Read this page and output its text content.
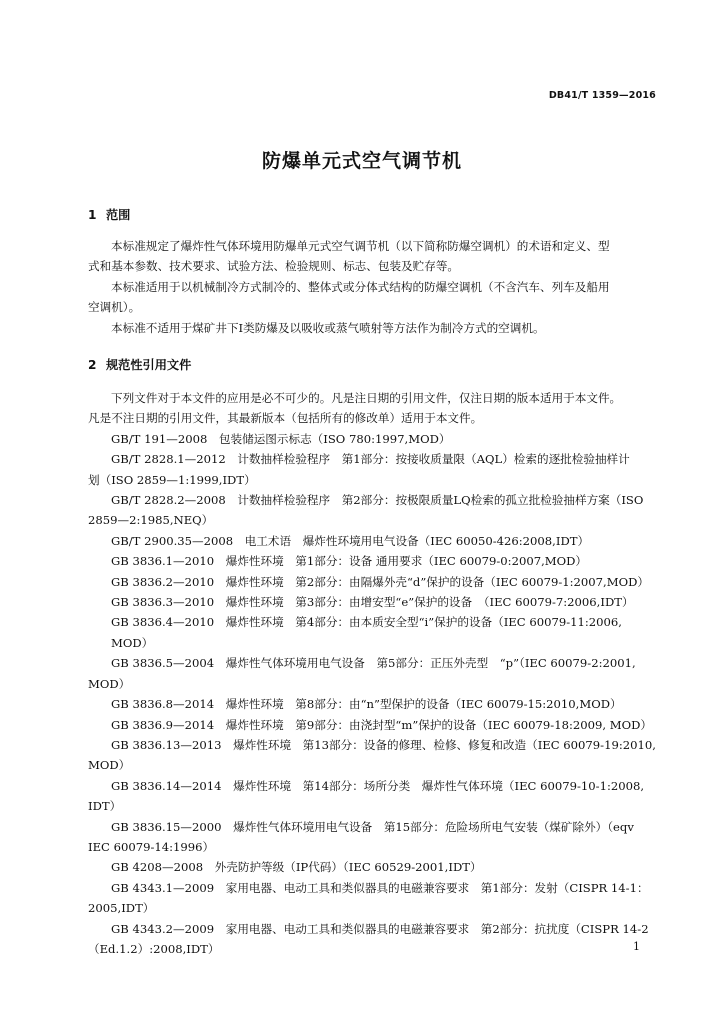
DB41/T 1359—2016
防爆单元式空气调节机
1 范围

本标准规定了爆炸性气体环境用防爆单元式空气调节机（以下简称防爆空调机）的术语和定义、型
式和基本参数、技术要求、试验方法、检验规则、标志、包装及贮存等。

本标准适用于以机械制冷方式制冷的、整体式或分体式结构的防爆空调机（不含汽车、列车及船用
空调机）。

本标准不适用于煤矿井下Ⅰ类防爆及以吸收或蒸气喷射等方法作为制冷方式的空调机。

2 规范性引用文件

下列文件对于本文件的应用是必不可少的。凡是注日期的引用文件，仅注日期的版本适用于本文件。
凡是不注日期的引用文件，其最新版本（包括所有的修改单）适用于本文件。

GB/T 191—2008　包装储运图示标志（ISO 780:1997,MOD）

GB/T 2828.1—2012　计数抽样检验程序　第1部分：按接收质量限（AQL）检索的逐批检验抽样计
划（ISO 2859—1:1999,IDT）

GB/T 2828.2—2008　计数抽样检验程序　第2部分：按极限质量LQ检索的孤立批检验抽样方案（ISO
2859—2:1985,NEQ）

GB/T 2900.35—2008　电工术语　爆炸性环境用电气设备（IEC 60050-426:2008,IDT）

GB 3836.1—2010　爆炸性环境　第1部分：设备 通用要求（IEC 60079-0:2007,MOD）

GB 3836.2—2010　爆炸性环境　第2部分：由隔爆外壳“d”保护的设备（IEC 60079-1:2007,MOD）

GB 3836.3—2010　爆炸性环境　第3部分：由增安型“e”保护的设备　（IEC 60079-7:2006,IDT）

GB 3836.4—2010　爆炸性环境　第4部分：由本质安全型“i”保护的设备（IEC 60079-11:2006, MOD）

GB 3836.5—2004　爆炸性气体环境用电气设备　第5部分：正压外壳型　“p”（IEC 60079-2:2001,
MOD）

GB 3836.8—2014　爆炸性环境　第8部分：由“n”型保护的设备（IEC 60079-15:2010,MOD）

GB 3836.9—2014　爆炸性环境　第9部分：由浇封型“m”保护的设备（IEC 60079-18:2009, MOD）

GB 3836.13—2013　爆炸性环境　第13部分：设备的修理、检修、修复和改造（IEC 60079-19:2010,
MOD）

GB 3836.14—2014　爆炸性环境　第14部分：场所分类　爆炸性气体环境（IEC 60079-10-1:2008,
IDT）

GB 3836.15—2000　爆炸性气体环境用电气设备　第15部分：危险场所电气安装（煤矿除外）（eqv
IEC 60079-14:1996）

GB 4208—2008　外壳防护等级（IP代码）（IEC 60529-2001,IDT）

GB 4343.1—2009　家用电器、电动工具和类似器具的电磁兼容要求　第1部分：发射（CISPR 14-1：
2005,IDT）

GB 4343.2—2009　家用电器、电动工具和类似器具的电磁兼容要求　第2部分：抗扰度（CISPR 14-2
（Ed.1.2）:2008,IDT）	1
